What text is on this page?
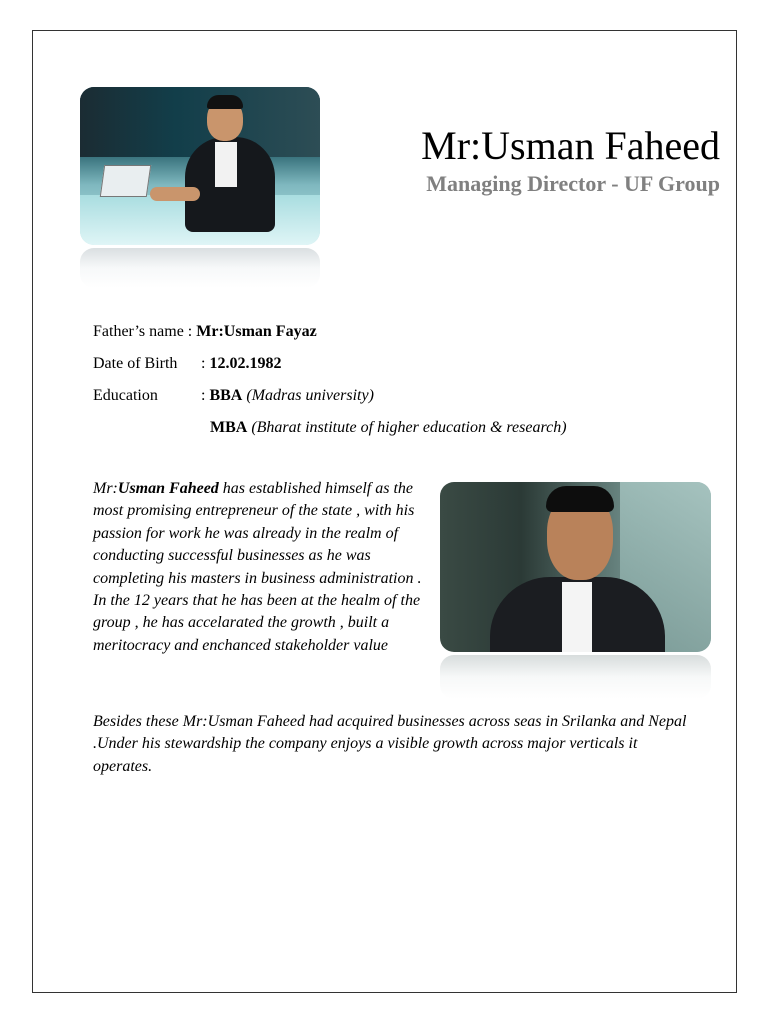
Mr:Usman Faheed
Managing Director - UF Group
Father’s name : Mr:Usman Fayaz
Date of Birth : 12.02.1982
Education	: BBA (Madras university)
MBA (Bharat institute of higher education & research)
Mr:Usman Faheed has established himself as the most promising entrepreneur of the state , with his passion for work he was already in the realm of conducting successful businesses as he was completing his masters in business administration . In the 12 years that he has been at the healm of the group , he has accelarated the growth , built a meritocracy and enchanced stakeholder value
Besides these Mr:Usman Faheed had acquired businesses across seas in Srilanka and Nepal .Under his stewardship the company enjoys a visible growth across major verticals it operates.
